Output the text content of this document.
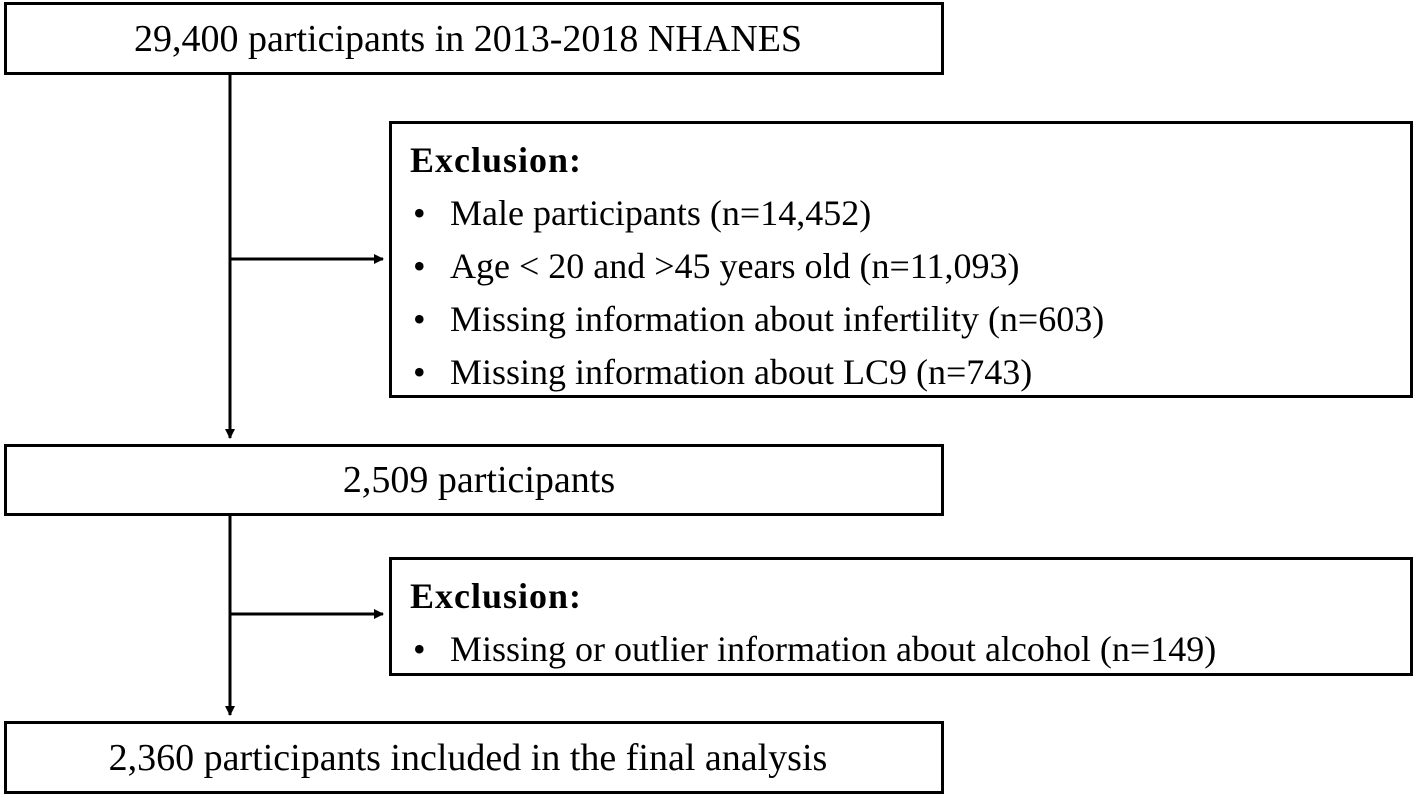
29,400 participants in 2013-2018 NHANES
Exclusion:
• Male participants (n=14,452)
• Age < 20 and >45 years old (n=11,093)
• Missing information about infertility (n=603)
• Missing information about LC9 (n=743)
2,509 participants
Exclusion:
• Missing or outlier information about alcohol (n=149)
2,360 participants included in the final analysis
